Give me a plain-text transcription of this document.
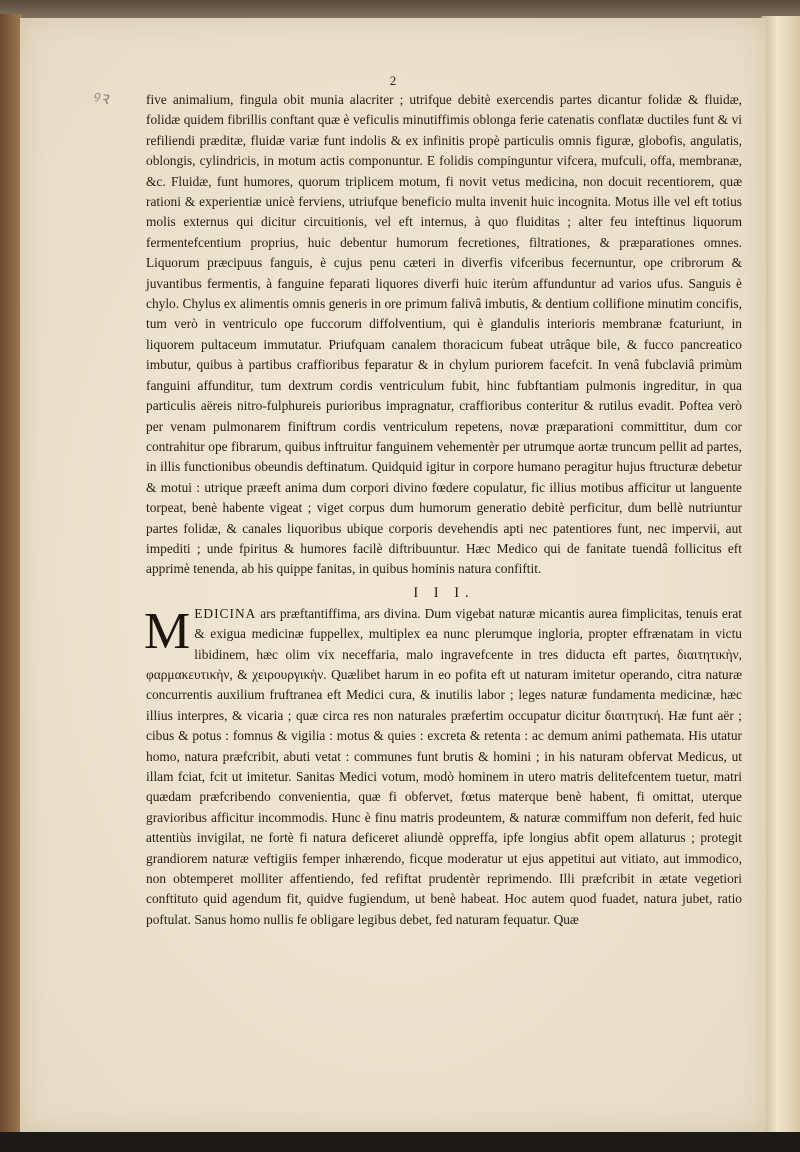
2
ꝰꝛ	five animalium, fingula obit munia alacriter ; utrifque debitè exercendis partes dicantur folidæ & fluidæ, folidæ quidem fibrillis conftant quæ è veficulis minutiffimis oblonga ferie catenatis conflatæ ductiles funt & vi refiliendi præditæ, fluidæ variæ funt indolis & ex infinitis propè particulis omnis figuræ, globofis, angulatis, oblongis, cylindricis, in motum actis componuntur. E folidis compinguntur vifcera, mufculi, offa, membranæ, &c. Fluidæ, funt humores, quorum triplicem motum, fi novit vetus medicina, non docuit recentiorem, quæ rationi & experientiæ unicè ferviens, utriufque beneficio multa invenit huic incognita. Motus ille vel eft totius molis externus qui dicitur circuitionis, vel eft internus, à quo fluiditas ; alter feu inteftinus liquorum fermentefcentium proprius, huic debentur humorum fecretiones, filtrationes, & præparationes omnes. Liquorum præcipuus fanguis, è cujus penu cæteri in diverfis vifceribus fecernuntur, ope cribrorum & juvantibus fermentis, à fanguine feparati liquores diverfi huic iterùm affunduntur ad varios ufus. Sanguis è chylo. Chylus ex alimentis omnis generis in ore primum falivâ imbutis, & dentium collifione minutim concifis, tum verò in ventriculo ope fuccorum diffolventium, qui è glandulis interioris membranæ fcaturiunt, in liquorem pultaceum immutatur. Priufquam canalem thoracicum fubeat utrâque bile, & fucco pancreatico imbutur, quibus à partibus craffioribus feparatur & in chylum puriorem facefcit. In venâ fubclaviâ primùm fanguini affunditur, tum dextrum cordis ventriculum fubit, hinc fubftantiam pulmonis ingreditur, in qua particulis aëreis nitro-fulphureis purioribus impragnatur, craffioribus conteritur & rutilus evadit. Poftea verò per venam pulmonarem finiftrum cordis ventriculum repetens, novæ præparationi committitur, dum cor contrahitur ope fibrarum, quibus inftruitur fanguinem vehementèr per utrumque aortæ truncum pellit ad partes, in illis functionibus obeundis deftinatum. Quidquid igitur in corpore humano peragitur hujus ftructuræ debetur & motui : utrique præeft anima dum corpori divino fœdere copulatur, fic illius motibus afficitur ut languente torpeat, benè habente vigeat ; viget corpus dum humorum generatio debitè perficitur, dum bellè nutriuntur partes folidæ, & canales liquoribus ubique corporis devehendis apti nec patentiores funt, nec impervii, aut impediti ; unde fpiritus & humores facilè diftribuuntur. Hæc Medico qui de fanitate tuendâ follicitus eft apprimè tenenda, ab his quippe fanitas, in quibus hominis natura confiftit.

I I I.

M EDICINA ars præftantiffima, ars divina. Dum vigebat naturæ micantis aurea fimplicitas, tenuis erat & exigua medicinæ fuppellex, multiplex ea nunc plerumque ingloria, propter effrænatam in victu libidinem, hæc olim vix neceffaria, malo ingravefcente in tres diducta eft partes, διαιτητικὴν, φαρμακευτικὴν, & χειρουργικὴν. Quælibet harum in eo pofita eft ut naturam imitetur operando, citra naturæ concurrentis auxilium fruftranea eft Medici cura, & inutilis labor ; leges naturæ fundamenta medicinæ, hæc illius interpres, & vicaria ; quæ circa res non naturales præfertim occupatur dicitur διαιτητική. Hæ funt aër ; cibus & potus : fomnus & vigilia : motus & quies : excreta & retenta : ac demum animi pathemata. His utatur homo, natura præfcribit, abuti vetat : communes funt brutis & homini ; in his naturam obfervat Medicus, ut illam fciat, fcit ut imitetur. Sanitas Medici votum, modò hominem in utero matris delitefcentem tuetur, matri quædam præfcribendo convenientia, quæ fi obfervet, fœtus materque benè habent, fi omittat, uterque gravioribus afficitur incommodis. Hunc è finu matris prodeuntem, & naturæ commiffum non deferit, fed huic attentiùs invigilat, ne fortè fi natura deficeret aliundè oppreffa, ipfe longius abfit opem allaturus ; protegit grandiorem naturæ veftigiis femper inhærendo, ficque moderatur ut ejus appetitui aut vitiato, aut immodico, non obtemperet molliter affentiendo, fed refiftat prudentèr reprimendo. Illi præfcribit in ætate vegetiori conftituto quid agendum fit, quidve fugiendum, ut benè habeat. Hoc autem quod fuadet, natura jubet, ratio poftulat. Sanus homo nullis fe obligare legibus debet, fed naturam fequatur. Quæ
